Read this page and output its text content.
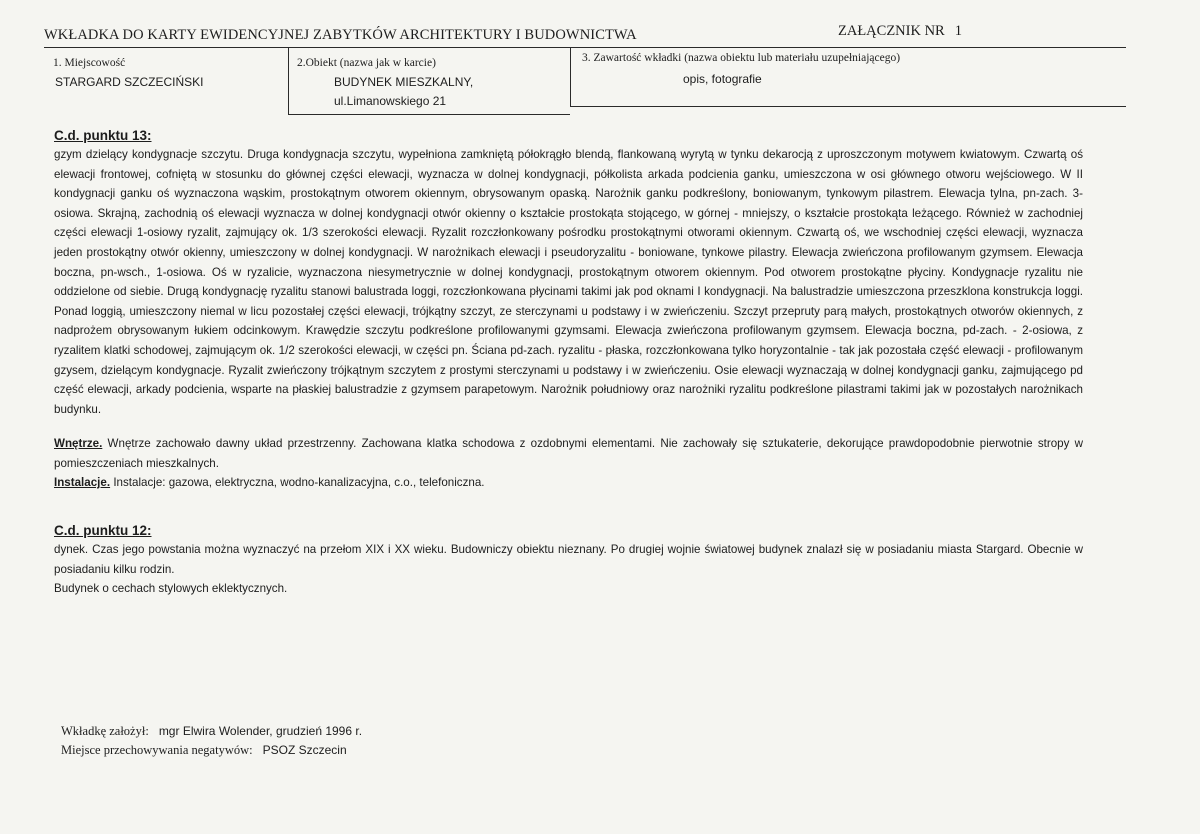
WKŁADKA DO KARTY EWIDENCYJNEJ ZABYTKÓW ARCHITEKTURY I BUDOWNICTWA	ZAŁĄCZNIK NR 1
1. Miejscowość
STARGARD SZCZECIŃSKI
2.Obiekt (nazwa jak w karcie)
BUDYNEK MIESZKALNY,
ul.Limanowskiego 21
3. Zawartość wkładki (nazwa obiektu lub materiału uzupełniającego)
opis, fotografie
C.d. punktu 13:
gzym dzielący kondygnacje szczytu. Druga kondygnacja szczytu, wypełniona zamkniętą półokrągło blendą, flankowaną wyrytą w tynku dekarocją z uproszczonym motywem kwiatowym. Czwartą oś elewacji frontowej, cofniętą w stosunku do głównej części elewacji, wyznacza w dolnej kondygnacji, półkolista arkada podcienia ganku, umieszczona w osi głównego otworu wejściowego. W II kondygnacji ganku oś wyznaczona wąskim, prostokątnym otworem okiennym, obrysowanym opaską. Narożnik ganku podkreślony, boniowanym, tynkowym pilastrem. Elewacja tylna, pn-zach. 3-osiowa. Skrajną, zachodnią oś elewacji wyznacza w dolnej kondygnacji otwór okienny o kształcie prostokąta stojącego, w górnej - mniejszy, o kształcie prostokąta leżącego. Również w zachodniej części elewacji 1-osiowy ryzalit, zajmujący ok. 1/3 szerokości elewacji. Ryzalit rozczłonkowany pośrodku prostokątnymi otworami okiennym. Czwartą oś, we wschodniej części elewacji, wyznacza jeden prostokątny otwór okienny, umieszczony w dolnej kondygnacji. W narożnikach elewacji i pseudoryzalitu - boniowane, tynkowe pilastry. Elewacja zwieńczona profilowanym gzymsem. Elewacja boczna, pn-wsch., 1-osiowa. Oś w ryzalicie, wyznaczona niesymetrycznie w dolnej kondygnacji, prostokątnym otworem okiennym. Pod otworem prostokątne płyciny. Kondygnacje ryzalitu nie oddzielone od siebie. Drugą kondygnację ryzalitu stanowi balustrada loggi, rozczłonkowana płycinami takimi jak pod oknami I kondygnacji. Na balustradzie umieszczona przeszklona konstrukcja loggi. Ponad loggią, umieszczony niemal w licu pozostałej części elewacji, trójkątny szczyt, ze sterczynami u podstawy i w zwieńczeniu. Szczyt przepruty parą małych, prostokątnych otworów okiennych, z nadprożem obrysowanym łukiem odcinkowym. Krawędzie szczytu podkreślone profilowanymi gzymsami. Elewacja zwieńczona profilowanym gzymsem. Elewacja boczna, pd-zach. - 2-osiowa, z ryzalitem klatki schodowej, zajmującym ok. 1/2 szerokości elewacji, w części pn. Ściana pd-zach. ryzalitu - płaska, rozczłonkowana tylko horyzontalnie - tak jak pozostała część elewacji - profilowanym gzysem, dzielącym kondygnacje. Ryzalit zwieńczony trójkątnym szczytem z prostymi sterczynami u podstawy i w zwieńczeniu. Osie elewacji wyznaczają w dolnej kondygnacji ganku, zajmującego pd część elewacji, arkady podcienia, wsparte na płaskiej balustradzie z gzymsem parapetowym. Narożnik południowy oraz narożniki ryzalitu podkreślone pilastrami takimi jak w pozostałych narożnikach budynku.
Wnętrze. Wnętrze zachowało dawny układ przestrzenny. Zachowana klatka schodowa z ozdobnymi elementami. Nie zachowały się sztukaterie, dekorujące prawdopodobnie pierwotnie stropy w pomieszczeniach mieszkalnych.
Instalacje. Instalacje: gazowa, elektryczna, wodno-kanalizacyjna, c.o., telefoniczna.
C.d. punktu 12:
dynek. Czas jego powstania można wyznaczyć na przełom XIX i XX wieku. Budowniczy obiektu nieznany. Po drugiej wojnie światowej budynek znalazł się w posiadaniu miasta Stargard. Obecnie w posiadaniu kilku rodzin.
Budynek o cechach stylowych eklektycznych.
Wkładkę założył: mgr Elwira Wolender, grudzień 1996 r.
Miejsce przechowywania negatywów: PSOZ Szczecin
